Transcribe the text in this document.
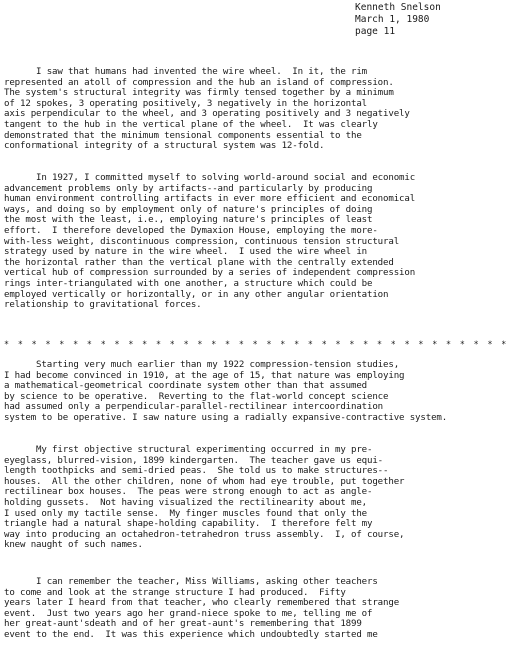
Kenneth Snelson
March 1, 1980
page 11
I saw that humans had invented the wire wheel.  In it, the rim
represented an atoll of compression and the hub an island of compression.
The system's structural integrity was firmly tensed together by a minimum
of 12 spokes, 3 operating positively, 3 negatively in the horizontal
axis perpendicular to the wheel, and 3 operating positively and 3 negatively
tangent to the hub in the vertical plane of the wheel.  It was clearly
demonstrated that the minimum tensional components essential to the
conformational integrity of a structural system was 12-fold.
In 1927, I committed myself to solving world-around social and economic
advancement problems only by artifacts--and particularly by producing
human environment controlling artifacts in ever more efficient and economical
ways, and doing so by employment only of nature's principles of doing
the most with the least, i.e., employing nature's principles of least
effort.  I therefore developed the Dymaxion House, employing the more-
with-less weight, discontinuous compression, continuous tension structural
strategy used by nature in the wire wheel.  I used the wire wheel in
the horizontal rather than the vertical plane with the centrally extended
vertical hub of compression surrounded by a series of independent compression
rings inter-triangulated with one another, a structure which could be
employed vertically or horizontally, or in any other angular orientation
relationship to gravitational forces.
* * * * * * * * * * * * * * * * * * * * * * * * * * * * * * * * * * * * *
Starting very much earlier than my 1922 compression-tension studies,
I had become convinced in 1910, at the age of 15, that nature was employing
a mathematical-geometrical coordinate system other than that assumed
by science to be operative.  Reverting to the flat-world concept science
had assumed only a perpendicular-parallel-rectilinear intercoordination
system to be operative. I saw nature using a radially expansive-contractive system.
My first objective structural experimenting occurred in my pre-
eyeglass, blurred-vision, 1899 kindergarten.  The teacher gave us equi-
length toothpicks and semi-dried peas.  She told us to make structures--
houses.  All the other children, none of whom had eye trouble, put together
rectilinear box houses.  The peas were strong enough to act as angle-
holding gussets.  Not having visualized the rectilinearity about me,
I used only my tactile sense.  My finger muscles found that only the
triangle had a natural shape-holding capability.  I therefore felt my
way into producing an octahedron-tetrahedron truss assembly.  I, of course,
knew naught of such names.
I can remember the teacher, Miss Williams, asking other teachers
to come and look at the strange structure I had produced.  Fifty
years later I heard from that teacher, who clearly remembered that strange
event.  Just two years ago her grand-niece spoke to me, telling me of
her great-aunt'sdeath and of her great-aunt's remembering that 1899
event to the end.  It was this experience which undoubtedly started me
